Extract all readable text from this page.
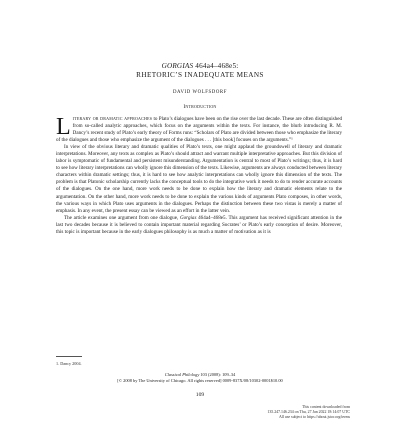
GORGIAS 464a4–468e5:
RHETORIC’S INADEQUATE MEANS
DAVID WOLFSDORF
Introduction

Literary or dramatic approaches to Plato’s dialogues have been on the rise over the last decade. These are often distinguished from so-called analytic approaches, which focus on the arguments within the texts. For instance, the blurb introducing R. M. Dancy’s recent study of Plato’s early theory of Forms runs: “Scholars of Plato are divided between those who emphasize the literary of the dialogues and those who emphasize the argument of the dialogues . . . [this book] focuses on the arguments.”¹

In view of the obvious literary and dramatic qualities of Plato’s texts, one might applaud the groundswell of literary and dramatic interpretations. Moreover, any texts as complex as Plato’s should attract and warrant multiple interpretative approaches. But this division of labor is symptomatic of fundamental and persistent misunderstanding. Argumentation is central to most of Plato’s writings; thus, it is hard to see how literary interpretations can wholly ignore this dimension of the texts. Likewise, arguments are always conducted between literary characters within dramatic settings; thus, it is hard to see how analytic interpretations can wholly ignore this dimension of the texts. The problem is that Platonic scholarship currently lacks the conceptual tools to do the integrative work it needs to do to render accurate accounts of the dialogues. On the one hand, more work needs to be done to explain how the literary and dramatic elements relate to the argumentation. On the other hand, more work needs to be done to explain the various kinds of arguments Plato composes, in other words, the various ways in which Plato uses arguments in the dialogues. Perhaps the distinction between these two vistas is merely a matter of emphasis. In any event, the present essay can be viewed as an effort in the latter vein.

The article examines one argument from one dialogue, Gorgias 464a4–468e5. This argument has received significant attention in the last two decades because it is believed to contain important material regarding Socrates’ or Plato’s early conception of desire. Moreover, this topic is important because in the early dialogues philosophy is as much a matter of motivation as it is

1. Dancy 2004.
Classical Philology 103 (2008): 109–34
[© 2008 by The University of Chicago. All rights reserved] 0009-837X/08/10302-0001$10.00
109
This content downloaded from
135.247.146.234 on Thu, 27 Jan 2022 18:14:07 UTC
All use subject to https://about.jstor.org/terms
